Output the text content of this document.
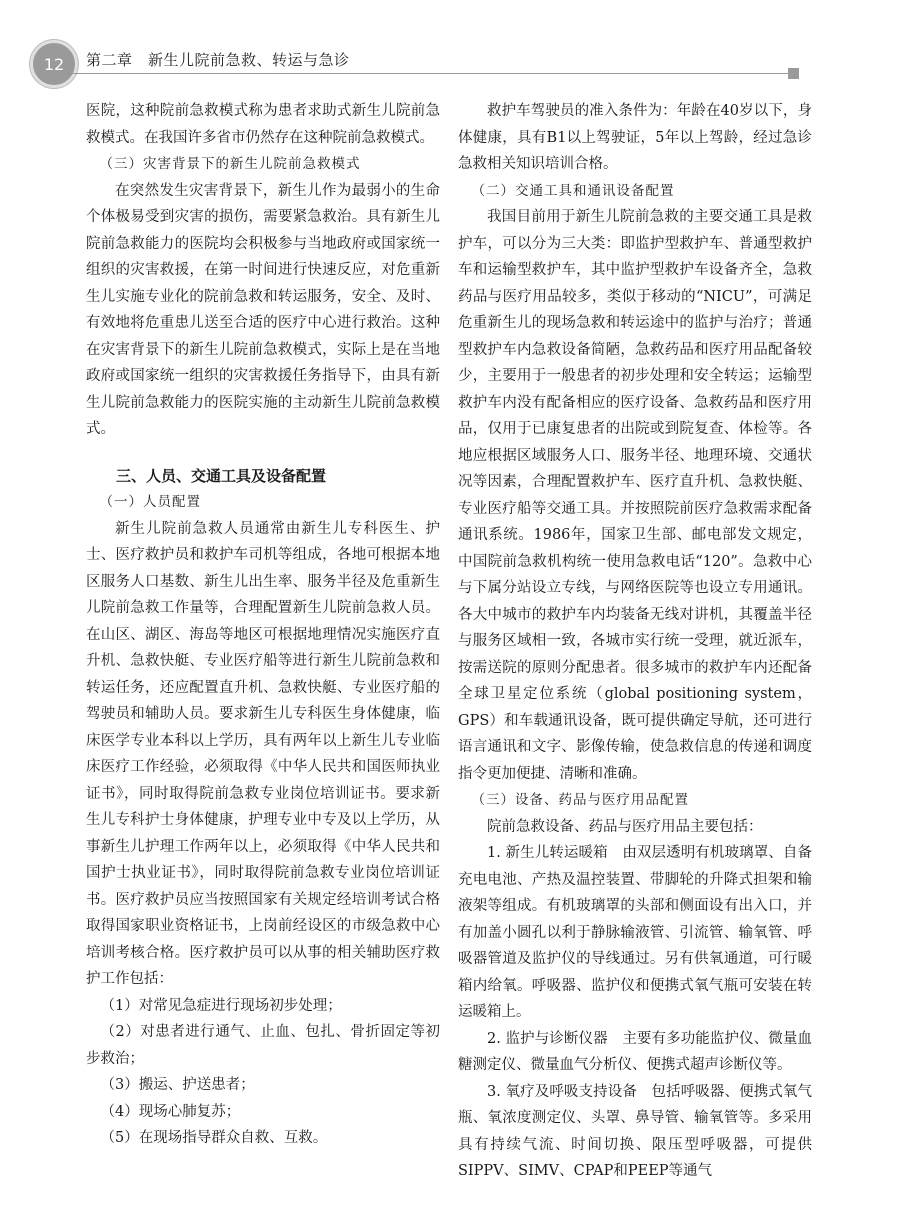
12 第二章　新生儿院前急救、转运与急诊

医院，这种院前急救模式称为患者求助式新生儿院前急救模式。在我国许多省市仍然存在这种院前急救模式。

（三）灾害背景下的新生儿院前急救模式

在突然发生灾害背景下，新生儿作为最弱小的生命个体极易受到灾害的损伤，需要紧急救治。具有新生儿院前急救能力的医院均会积极参与当地政府或国家统一组织的灾害救援，在第一时间进行快速反应，对危重新生儿实施专业化的院前急救和转运服务，安全、及时、有效地将危重患儿送至合适的医疗中心进行救治。这种在灾害背景下的新生儿院前急救模式，实际上是在当地政府或国家统一组织的灾害救援任务指导下，由具有新生儿院前急救能力的医院实施的主动新生儿院前急救模式。

三、人员、交通工具及设备配置

（一）人员配置

新生儿院前急救人员通常由新生儿专科医生、护士、医疗救护员和救护车司机等组成，各地可根据本地区服务人口基数、新生儿出生率、服务半径及危重新生儿院前急救工作量等，合理配置新生儿院前急救人员。在山区、湖区、海岛等地区可根据地理情况实施医疗直升机、急救快艇、专业医疗船等进行新生儿院前急救和转运任务，还应配置直升机、急救快艇、专业医疗船的驾驶员和辅助人员。要求新生儿专科医生身体健康，临床医学专业本科以上学历，具有两年以上新生儿专业临床医疗工作经验，必须取得《中华人民共和国医师执业证书》，同时取得院前急救专业岗位培训证书。要求新生儿专科护士身体健康，护理专业中专及以上学历，从事新生儿护理工作两年以上，必须取得《中华人民共和国护士执业证书》，同时取得院前急救专业岗位培训证书。医疗救护员应当按照国家有关规定经培训考试合格取得国家职业资格证书，上岗前经设区的市级急救中心培训考核合格。医疗救护员可以从事的相关辅助医疗救护工作包括：

（1）对常见急症进行现场初步处理；

（2）对患者进行通气、止血、包扎、骨折固定等初步救治；

（3）搬运、护送患者；

（4）现场心肺复苏；

（5）在现场指导群众自救、互救。

救护车驾驶员的准入条件为：年龄在40岁以下，身体健康，具有B1以上驾驶证，5年以上驾龄，经过急诊急救相关知识培训合格。

（二）交通工具和通讯设备配置

我国目前用于新生儿院前急救的主要交通工具是救护车，可以分为三大类：即监护型救护车、普通型救护车和运输型救护车，其中监护型救护车设备齐全，急救药品与医疗用品较多，类似于移动的“NICU”，可满足危重新生儿的现场急救和转运途中的监护与治疗；普通型救护车内急救设备简陋，急救药品和医疗用品配备较少，主要用于一般患者的初步处理和安全转运；运输型救护车内没有配备相应的医疗设备、急救药品和医疗用品，仅用于已康复患者的出院或到院复查、体检等。各地应根据区域服务人口、服务半径、地理环境、交通状况等因素，合理配置救护车、医疗直升机、急救快艇、专业医疗船等交通工具。并按照院前医疗急救需求配备通讯系统。1986年，国家卫生部、邮电部发文规定，中国院前急救机构统一使用急救电话“120”。急救中心与下属分站设立专线，与网络医院等也设立专用通讯。各大中城市的救护车内均装备无线对讲机，其覆盖半径与服务区域相一致，各城市实行统一受理，就近派车，按需送院的原则分配患者。很多城市的救护车内还配备全球卫星定位系统（global positioning system，GPS）和车载通讯设备，既可提供确定导航，还可进行语言通讯和文字、影像传输，使急救信息的传递和调度指令更加便捷、清晰和准确。

（三）设备、药品与医疗用品配置

院前急救设备、药品与医疗用品主要包括：

1. 新生儿转运暖箱　由双层透明有机玻璃罩、自备充电电池、产热及温控装置、带脚轮的升降式担架和输液架等组成。有机玻璃罩的头部和侧面设有出入口，并有加盖小圆孔以利于静脉输液管、引流管、输氧管、呼吸器管道及监护仪的导线通过。另有供氧通道，可行暖箱内给氧。呼吸器、监护仪和便携式氧气瓶可安装在转运暖箱上。

2. 监护与诊断仪器　主要有多功能监护仪、微量血糖测定仪、微量血气分析仪、便携式超声诊断仪等。

3. 氧疗及呼吸支持设备　包括呼吸器、便携式氧气瓶、氧浓度测定仪、头罩、鼻导管、输氧管等。多采用具有持续气流、时间切换、限压型呼吸器，可提供SIPPV、SIMV、CPAP和PEEP等通气
